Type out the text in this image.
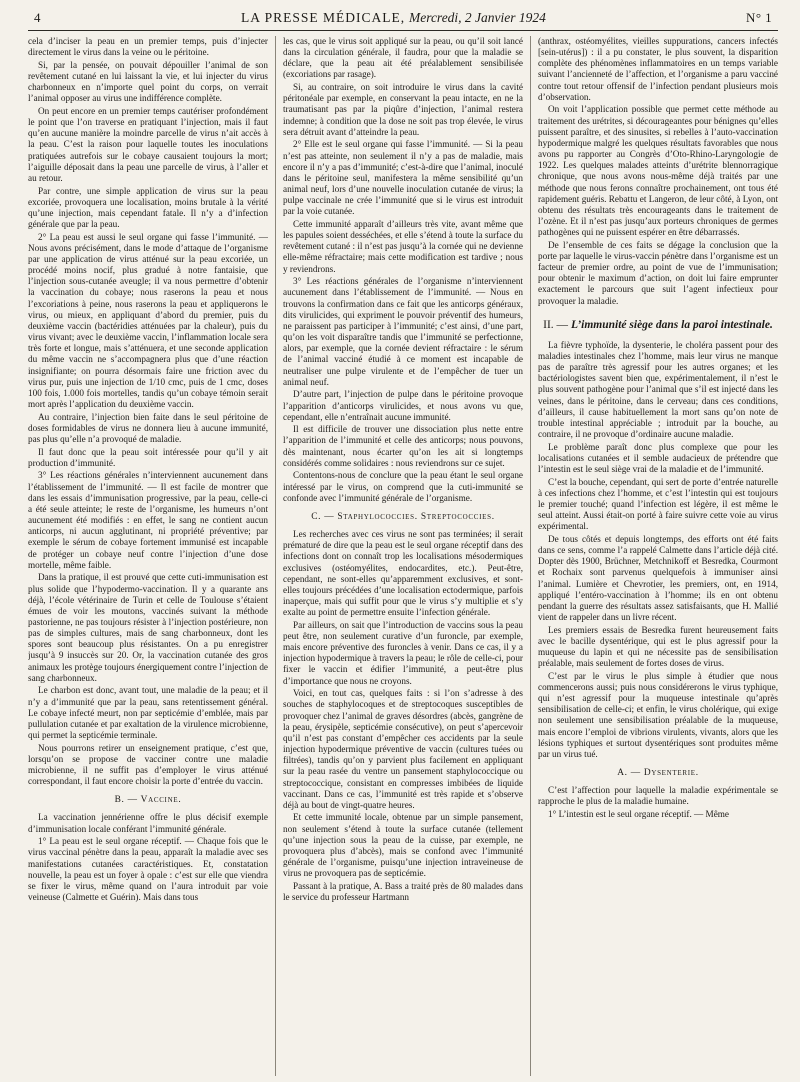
4	LA PRESSE MÉDICALE, Mercredi, 2 Janvier 1924	N° 1

cela d’inciser la peau en un premier temps, puis d’injecter directement le virus dans la veine ou le péritoine.

Si, par la pensée, on pouvait dépouiller l’animal de son revêtement cutané en lui laissant la vie, et lui injecter du virus charbonneux en n’importe quel point du corps, on verrait l’animal opposer au virus une indifférence complète.

On peut encore en un premier temps cautériser profondément le point que l’on traverse en pratiquant l’injection, mais il faut qu’en aucune manière la moindre parcelle de virus n’ait accès à la peau. C’est la raison pour laquelle toutes les inoculations pratiquées autrefois sur le cobaye causaient toujours la mort; l’aiguille déposait dans la peau une parcelle de virus, à l’aller et au retour.

Par contre, une simple application de virus sur la peau excoriée, provoquera une localisation, moins brutale à la vérité qu’une injection, mais cependant fatale. Il n’y a d’infection générale que par la peau.

2° La peau est aussi le seul organe qui fasse l’immunité. — Nous avons précisément, dans le mode d’attaque de l’organisme par une application de virus atténué sur la peau excoriée, un procédé moins nocif, plus gradué à notre fantaisie, que l’injection sous-cutanée aveugle; il va nous permettre d’obtenir la vaccination du cobaye; nous raserons la peau et nous l’excoriations à peine, nous raserons la peau et appliquerons le virus, ou mieux, en appliquant d’abord du premier, puis du deuxième vaccin (bactéridies atténuées par la chaleur), puis du virus vivant; avec le deuxième vaccin, l’inflammation locale sera très forte et longue, mais s’atténuera, et une seconde application du même vaccin ne s’accompagnera plus que d’une réaction insignifiante; on pourra désormais faire une friction avec du virus pur, puis une injection de 1/10 cmc, puis de 1 cmc, doses 100 fois, 1.000 fois mortelles, tandis qu’un cobaye témoin serait mort après l’application du deuxième vaccin.

Au contraire, l’injection bien faite dans le seul péritoine de doses formidables de virus ne donnera lieu à aucune immunité, pas plus qu’elle n’a provoqué de maladie.

Il faut donc que la peau soit intéressée pour qu’il y ait production d’immunité.

3° Les réactions générales n’interviennent aucunement dans l’établissement de l’immunité. — Il est facile de montrer que dans les essais d’immunisation progressive, par la peau, celle-ci a été seule atteinte; le reste de l’organisme, les humeurs n’ont aucunement été modifiés : en effet, le sang ne contient aucun anticorps, ni aucun agglutinant, ni propriété préventive; par exemple le sérum de cobaye fortement immunisé est incapable de protéger un cobaye neuf contre l’injection d’une dose mortelle, même faible.

Dans la pratique, il est prouvé que cette cuti-immunisation est plus solide que l’hypodermo-vaccination. Il y a quarante ans déjà, l’école vétérinaire de Turin et celle de Toulouse s’étaient émues de voir les moutons, vaccinés suivant la méthode pastorienne, ne pas toujours résister à l’injection postérieure, non pas de simples cultures, mais de sang charbonneux, dont les spores sont beaucoup plus résistantes. On a pu enregistrer jusqu’à 9 insuccès sur 20. Or, la vaccination cutanée des gros animaux les protège toujours énergiquement contre l’injection de sang charbonneux.

Le charbon est donc, avant tout, une maladie de la peau; et il n’y a d’immunité que par la peau, sans retentissement général. Le cobaye infecté meurt, non par septicémie d’emblée, mais par pullulation cutanée et par exaltation de la virulence microbienne, qui permet la septicémie terminale.

Nous pourrons retirer un enseignement pratique, c’est que, lorsqu’on se propose de vacciner contre une maladie microbienne, il ne suffit pas d’employer le virus atténué correspondant, il faut encore choisir la porte d’entrée du vaccin.

B. — Vaccine.

La vaccination jennérienne offre le plus décisif exemple d’immunisation locale conférant l’immunité générale.

1° La peau est le seul organe réceptif. — Chaque fois que le virus vaccinal pénètre dans la peau, apparaît la maladie avec ses manifestations cutanées caractéristiques. Et, constatation nouvelle, la peau est un foyer à opale : c’est sur elle que viendra se fixer le virus, même quand on l’aura introduit par voie veineuse (Calmette et Guérin). Mais dans tous

les cas, que le virus soit appliqué sur la peau, ou qu’il soit lancé dans la circulation générale, il faudra, pour que la maladie se déclare, que la peau ait été préalablement sensibilisée (excoriations par rasage).

Si, au contraire, on soit introduire le virus dans la cavité péritonéale par exemple, en conservant la peau intacte, en ne la traumatisant pas par la piqûre d’injection, l’animal restera indemne; à condition que la dose ne soit pas trop élevée, le virus sera détruit avant d’atteindre la peau.

2° Elle est le seul organe qui fasse l’immunité. — Si la peau n’est pas atteinte, non seulement il n’y a pas de maladie, mais encore il n’y a pas d’immunité; c’est-à-dire que l’animal, inoculé dans le péritoine seul, manifestera la même sensibilité qu’un animal neuf, lors d’une nouvelle inoculation cutanée de virus; la pulpe vaccinale ne crée l’immunité que si le virus est introduit par la voie cutanée.

Cette immunité apparaît d’ailleurs très vite, avant même que les papules soient desséchées, et elle s’étend à toute la surface du revêtement cutané : il n’est pas jusqu’à la cornée qui ne devienne elle-même réfractaire; mais cette modification est tardive ; nous y reviendrons.

3° Les réactions générales de l’organisme n’interviennent aucunement dans l’établissement de l’immunité. — Nous en trouvons la confirmation dans ce fait que les anticorps généraux, dits virulicides, qui expriment le pouvoir préventif des humeurs, ne paraissent pas participer à l’immunité; c’est ainsi, d’une part, qu’on les voit disparaître tandis que l’immunité se perfectionne, alors, par exemple, que la cornée devient réfractaire : le sérum de l’animal vacciné étudié à ce moment est incapable de neutraliser une pulpe virulente et de l’empêcher de tuer un animal neuf.

D’autre part, l’injection de pulpe dans le péritoine provoque l’apparition d’anticorps virulicides, et nous avons vu que, cependant, elle n’entraînait aucune immunité.

Il est difficile de trouver une dissociation plus nette entre l’apparition de l’immunité et celle des anticorps; nous pouvons, dès maintenant, nous écarter qu’on les ait si longtemps considérés comme solidaires : nous reviendrons sur ce sujet.

Contentons-nous de conclure que la peau étant le seul organe intéressé par le virus, on comprend que la cuti-immunité se confonde avec l’immunité générale de l’organisme.

C. — Staphylococcies. Streptococcies.

Les recherches avec ces virus ne sont pas terminées; il serait prématuré de dire que la peau est le seul organe réceptif dans des infections dont on connaît trop les localisations mésodermiques exclusives (ostéomyélites, endocardites, etc.). Peut-être, cependant, ne sont-elles qu’apparemment exclusives, et sont-elles toujours précédées d’une localisation ectodermique, parfois inaperçue, mais qui suffit pour que le virus s’y multiplie et s’y exalte au point de permettre ensuite l’infection générale.

Par ailleurs, on sait que l’introduction de vaccins sous la peau peut être, non seulement curative d’un furoncle, par exemple, mais encore préventive des furoncles à venir. Dans ce cas, il y a injection hypodermique à travers la peau; le rôle de celle-ci, pour fixer le vaccin et édifier l’immunité, a peut-être plus d’importance que nous ne croyons.

Voici, en tout cas, quelques faits : si l’on s’adresse à des souches de staphylocoques et de streptocoques susceptibles de provoquer chez l’animal de graves désordres (abcès, gangrène de la peau, érysipèle, septicémie consécutive), on peut s’apercevoir qu’il n’est pas constant d’empêcher ces accidents par la seule injection hypodermique préventive de vaccin (cultures tuées ou filtrées), tandis qu’on y parvient plus facilement en appliquant sur la peau rasée du ventre un pansement staphylococcique ou streptococcique, consistant en compresses imbibées de liquide vaccinant. Dans ce cas, l’immunité est très rapide et s’observe déjà au bout de vingt-quatre heures.

Et cette immunité locale, obtenue par un simple pansement, non seulement s’étend à toute la surface cutanée (tellement qu’une injection sous la peau de la cuisse, par exemple, ne provoquera plus d’abcès), mais se confond avec l’immunité générale de l’organisme, puisqu’une injection intraveineuse de virus ne provoquera pas de septicémie.

Passant à la pratique, A. Bass a traité près de 80 malades dans le service du professeur Hartmann

(anthrax, ostéomyélites, vieilles suppurations, cancers infectés [sein-utérus]) : il a pu constater, le plus souvent, la disparition complète des phénomènes inflammatoires en un temps variable suivant l’ancienneté de l’affection, et l’organisme a paru vacciné contre tout retour offensif de l’infection pendant plusieurs mois d’observation.

On voit l’application possible que permet cette méthode au traitement des urétrites, si décourageantes pour bénignes qu’elles puissent paraître, et des sinusites, si rebelles à l’auto-vaccination hypodermique malgré les quelques résultats favorables que nous avons pu rapporter au Congrès d’Oto-Rhino-Laryngologie de 1922. Les quelques malades atteints d’urétrite blennorragique chronique, que nous avons nous-même déjà traités par une méthode que nous ferons connaître prochainement, ont tous été rapidement guéris. Rebattu et Langeron, de leur côté, à Lyon, ont obtenu des résultats très encourageants dans le traitement de l’ozène. Et il n’est pas jusqu’aux porteurs chroniques de germes pathogènes qui ne puissent espérer en être débarrassés.

De l’ensemble de ces faits se dégage la conclusion que la porte par laquelle le virus-vaccin pénètre dans l’organisme est un facteur de premier ordre, au point de vue de l’immunisation; pour obtenir le maximum d’action, on doit lui faire emprunter exactement le parcours que suit l’agent infectieux pour provoquer la maladie.

II. — L’immunité siège dans la paroi intestinale.

La fièvre typhoïde, la dysenterie, le choléra passent pour des maladies intestinales chez l’homme, mais leur virus ne manque pas de paraître très agressif pour les autres organes; et les bactériologistes savent bien que, expérimentalement, il n’est le plus souvent pathogène pour l’animal que s’il est injecté dans les veines, dans le péritoine, dans le cerveau; dans ces conditions, d’ailleurs, il cause habituellement la mort sans qu’on note de trouble intestinal appréciable ; introduit par la bouche, au contraire, il ne provoque d’ordinaire aucune maladie.

Le problème paraît donc plus complexe que pour les localisations cutanées et il semble audacieux de prétendre que l’intestin est le seul siège vrai de la maladie et de l’immunité.

C’est la bouche, cependant, qui sert de porte d’entrée naturelle à ces infections chez l’homme, et c’est l’intestin qui est toujours le premier touché; quand l’infection est légère, il est même le seul atteint. Aussi était-on porté à faire suivre cette voie au virus expérimental.

De tous côtés et depuis longtemps, des efforts ont été faits dans ce sens, comme l’a rappelé Calmette dans l’article déjà cité. Dopter dès 1900, Brüchner, Metchnikoff et Besredka, Courmont et Rochaix sont parvenus quelquefois à immuniser ainsi l’animal. Lumière et Chevrotier, les premiers, ont, en 1914, appliqué l’entéro-vaccination à l’homme; ils en ont obtenu pendant la guerre des résultats assez satisfaisants, que H. Mallié vient de rappeler dans un livre récent.

Les premiers essais de Besredka furent heureusement faits avec le bacille dysentérique, qui est le plus agressif pour la muqueuse du lapin et qui ne nécessite pas de sensibilisation préalable, mais seulement de fortes doses de virus.

C’est par le virus le plus simple à étudier que nous commencerons aussi; puis nous considérerons le virus typhique, qui n’est agressif pour la muqueuse intestinale qu’après sensibilisation de celle-ci; et enfin, le virus cholérique, qui exige non seulement une sensibilisation préalable de la muqueuse, mais encore l’emploi de vibrions virulents, vivants, alors que les lésions typhiques et surtout dysentériques sont produites même par un virus tué.

A. — Dysenterie.

C’est l’affection pour laquelle la maladie expérimentale se rapproche le plus de la maladie humaine.

1° L’intestin est le seul organe réceptif. — Même
